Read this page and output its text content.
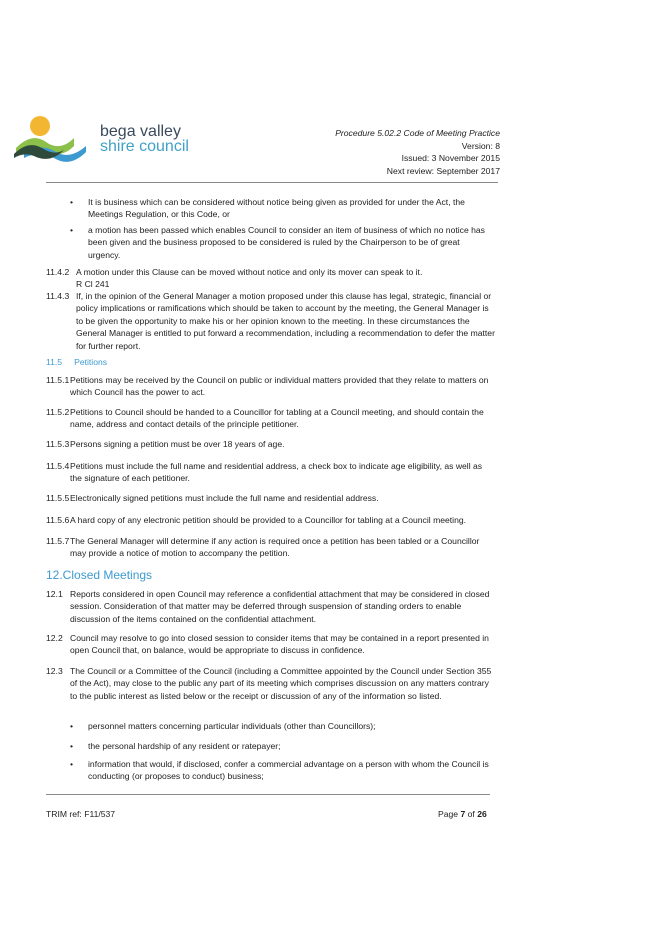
bega valley
shire council
Procedure 5.02.2 Code of Meeting Practice
Version: 8
Issued: 3 November 2015
Next review: September 2017
• It is business which can be considered without notice being given as provided for under the Act, the Meetings Regulation, or this Code, or
• a motion has been passed which enables Council to consider an item of business of which no notice has been given and the business proposed to be considered is ruled by the Chairperson to be of great urgency.
11.4.2 A motion under this Clause can be moved without notice and only its mover can speak to it.
R Cl 241
11.4.3 If, in the opinion of the General Manager a motion proposed under this clause has legal, strategic, financial or policy implications or ramifications which should be taken to account by the meeting, the General Manager is to be given the opportunity to make his or her opinion known to the meeting. In these circumstances the General Manager is entitled to put forward a recommendation, including a recommendation to defer the matter for further report.
11.5 Petitions
11.5.1 Petitions may be received by the Council on public or individual matters provided that they relate to matters on which Council has the power to act.
11.5.2 Petitions to Council should be handed to a Councillor for tabling at a Council meeting, and should contain the name, address and contact details of the principle petitioner.
11.5.3 Persons signing a petition must be over 18 years of age.
11.5.4 Petitions must include the full name and residential address, a check box to indicate age eligibility, as well as the signature of each petitioner.
11.5.5 Electronically signed petitions must include the full name and residential address.
11.5.6 A hard copy of any electronic petition should be provided to a Councillor for tabling at a Council meeting.
11.5.7 The General Manager will determine if any action is required once a petition has been tabled or a Councillor may provide a notice of motion to accompany the petition.
12.Closed Meetings
12.1 Reports considered in open Council may reference a confidential attachment that may be considered in closed session. Consideration of that matter may be deferred through suspension of standing orders to enable discussion of the items contained on the confidential attachment.
12.2 Council may resolve to go into closed session to consider items that may be contained in a report presented in open Council that, on balance, would be appropriate to discuss in confidence.
12.3 The Council or a Committee of the Council (including a Committee appointed by the Council under Section 355 of the Act), may close to the public any part of its meeting which comprises discussion on any matters contrary to the public interest as listed below or the receipt or discussion of any of the information so listed.
• personnel matters concerning particular individuals (other than Councillors);
• the personal hardship of any resident or ratepayer;
• information that would, if disclosed, confer a commercial advantage on a person with whom the Council is conducting (or proposes to conduct) business;
TRIM ref: F11/537	Page 7 of 26
